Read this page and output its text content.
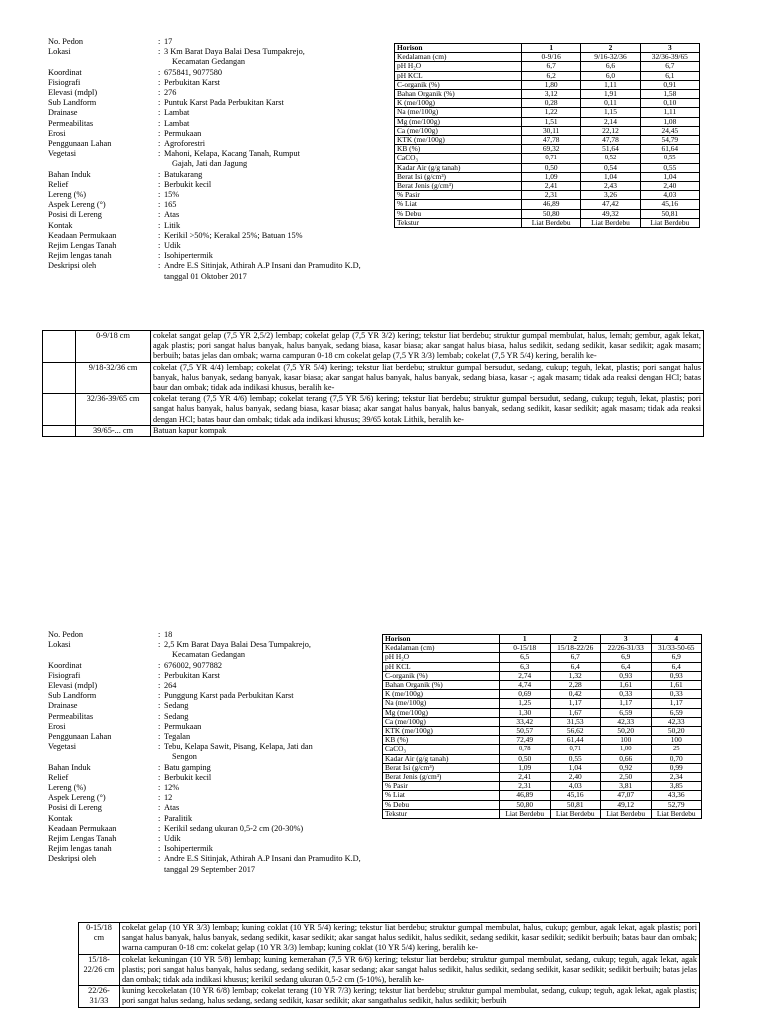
No. Pedon	: 17
Lokasi	: 3 Km Barat Daya Balai Desa Tumpakrejo,
Kecamatan Gedangan
Koordinat	: 675841, 9077580
Fisiografi	: Perbukitan Karst
Elevasi (mdpl)	: 276
Sub Landform	: Puntuk Karst Pada Perbukitan Karst
Drainase	: Lambat
Permeabilitas	: Lambat
Erosi	: Permukaan
Penggunaan Lahan	: Agroforestri
Vegetasi	: Mahoni, Kelapa, Kacang Tanah, Rumput
Gajah, Jati dan Jagung
Bahan Induk	: Batukarang
Relief	: Berbukit kecil
Lereng (%)	: 15%
Aspek Lereng (°)	: 165
Posisi di Lereng	: Atas
Kontak	: Litik
Keadaan Permukaan	: Kerikil >50%; Kerakal 25%; Batuan 15%
Rejim Lengas Tanah	: Udik
Rejim lengas tanah	: Isohipertermik
Deskripsi oleh	: Andre E.S Sitinjak, Athirah A.P Insani dan Pramudito K.D, tanggal 01 Oktober 2017
Horison	1	2	3
Kedalaman (cm)	0-9/16	9/16-32/36	32/36-39/65
pH H₂O	6,7	6,6	6,7
pH KCL	6,2	6,0	6,1
C-organik (%)	1,80	1,11	0,91
Bahan Organik (%)	3,12	1,91	1,58
K (me/100g)	0,28	0,11	0,10
Na (me/100g)	1,22	1,15	1,11
Mg (me/100g)	1,51	2,14	1,08
Ca (me/100g)	30,11	22,12	24,45
KTK (me/100g)	47,78	47,78	54,79
KB (%)	69,32	51,64	61,64
CaCO₃	0,71	0,52	0,55
Kadar Air (g/g tanah)	0,50	0,54	0,55
Berat Isi (g/cm³)	1,09	1,04	1,04
Berat Jenis (g/cm³)	2,41	2,43	2,40
% Pasir	2,31	3,26	4,03
% Liat	46,89	47,42	45,16
% Debu	50,80	49,32	50,81
Tekstur	Liat Berdebu	Liat Berdebu	Liat Berdebu
	0-9/18 cm	cokelat sangat gelap (7,5 YR 2,5/2) lembap; cokelat gelap (7,5 YR 3/2) kering; tekstur liat berdebu; struktur gumpal membulat, halus, lemah; gembur, agak lekat, agak plastis; pori sangat halus banyak, halus banyak, sedang biasa, kasar biasa; akar sangat halus biasa, halus sedikit, sedang sedikit, kasar sedikit; agak masam; berbuih; batas jelas dan ombak; warna campuran 0-18 cm cokelat gelap (7,5 YR 3/3) lembab; cokelat (7,5 YR 5/4) kering, beralih ke-
	9/18-32/36 cm	cokelat (7,5 YR 4/4) lembap; cokelat (7,5 YR 5/4) kering; tekstur liat berdebu; struktur gumpal bersudut, sedang, cukup; teguh, lekat, plastis; pori sangat halus banyak, halus banyak, sedang banyak, kasar biasa; akar sangat halus banyak, halus banyak, sedang biasa, kasar -; agak masam; tidak ada reaksi dengan HCl; batas baur dan ombak; tidak ada indikasi khusus, beralih ke-
	32/36-39/65 cm	cokelat terang (7,5 YR 4/6) lembap; cokelat terang (7,5 YR 5/6) kering; tekstur liat berdebu; struktur gumpal bersudut, sedang, cukup; teguh, lekat, plastis; pori sangat halus banyak, halus banyak, sedang biasa, kasar biasa; akar sangat halus banyak, halus banyak, sedang sedikit, kasar sedikit; agak masam; tidak ada reaksi dengan HCl; batas baur dan ombak; tidak ada indikasi khusus; 39/65 kotak Lithik, beralih ke-
	39/65-... cm	Batuan kapur kompak
No. Pedon	: 18
Lokasi	: 2,5 Km Barat Daya Balai Desa Tumpakrejo,
Kecamatan Gedangan
Koordinat	: 676002, 9077882
Fisiografi	: Perbukitan Karst
Elevasi (mdpl)	: 264
Sub Landform	: Punggung Karst pada Perbukitan Karst
Drainase	: Sedang
Permeabilitas	: Sedang
Erosi	: Permukaan
Penggunaan Lahan	: Tegalan
Vegetasi	: Tebu, Kelapa Sawit, Pisang, Kelapa, Jati dan
Sengon
Bahan Induk	: Batu gamping
Relief	: Berbukit kecil
Lereng (%)	: 12%
Aspek Lereng (°)	: 12
Posisi di Lereng	: Atas
Kontak	: Paralitik
Keadaan Permukaan	: Kerikil sedang ukuran 0,5-2 cm (20-30%)
Rejim Lengas Tanah	: Udik
Rejim lengas tanah	: Isohipertermik
Deskripsi oleh	: Andre E.S Sitinjak, Athirah A.P Insani dan Pramudito K.D, tanggal 29 September 2017
Horison	1	2	3	4
Kedalaman (cm)	0-15/18	15/18-22/26	22/26-31/33	31/33-50-65
pH H₂O	6,5	6,7	6,9	6,9
pH KCL	6,3	6,4	6,4	6,4
C-organik (%)	2,74	1,32	0,93	0,93
Bahan Organik (%)	4,74	2,28	1,61	1,61
K (me/100g)	0,69	0,42	0,33	0,33
Na (me/100g)	1,25	1,17	1,17	1,17
Mg (me/100g)	1,30	1,67	6,59	6,59
Ca (me/100g)	33,42	31,53	42,33	42,33
KTK (me/100g)	50,57	56,62	50,20	50,20
KB (%)	72,49	61,44	100	100
CaCO₃	0,78	0,71	1,00	25
Kadar Air (g/g tanah)	0,50	0,55	0,66	0,70
Berat Isi (g/cm³)	1,09	1,04	0,92	0,99
Berat Jenis (g/cm³)	2,41	2,40	2,50	2,34
% Pasir	2,31	4,03	3,81	3,85
% Liat	46,89	45,16	47,07	43,36
% Debu	50,80	50,81	49,12	52,79
Tekstur	Liat Berdebu	Liat Berdebu	Liat Berdebu	Liat Berdebu
0-15/18 cm	cokelat gelap (10 YR 3/3) lembap; kuning coklat (10 YR 5/4) kering; tekstur liat berdebu; struktur gumpal membulat, halus, cukup; gembur, agak lekat, agak plastis; pori sangat halus banyak, halus banyak, sedang sedikit, kasar sedikit; akar sangat halus sedikit, halus sedikit, sedang sedikit, kasar sedikit; sedikit berbuih; batas baur dan ombak; warna campuran 0-18 cm: cokelat gelap (10 YR 3/3) lembap; kuning coklat (10 YR 5/4) kering, beralih ke-
15/18-22/26 cm	cokelat kekuningan (10 YR 5/8) lembap; kuning kemerahan (7,5 YR 6/6) kering; tekstur liat berdebu; struktur gumpal membulat, sedang, cukup; teguh, agak lekat, agak plastis; pori sangat halus banyak, halus sedang, sedang sedikit, kasar sedang; akar sangat halus sedikit, halus sedikit, sedang sedikit, kasar sedikit; sedikit berbuih; batas jelas dan ombak; tidak ada indikasi khusus; kerikil sedang ukuran 0,5-2 cm (5-10%), beralih ke-
22/26-31/33	kuning kecokelatan (10 YR 6/8) lembap; cokelat terang (10 YR 7/3) kering; tekstur liat berdebu; struktur gumpal membulat, sedang, cukup; teguh, agak lekat, agak plastis; pori sangat halus sedang, halus sedang, sedang sedikit, kasar sedikit; akar sangathalus sedikit, halus sedikit; berbuih
